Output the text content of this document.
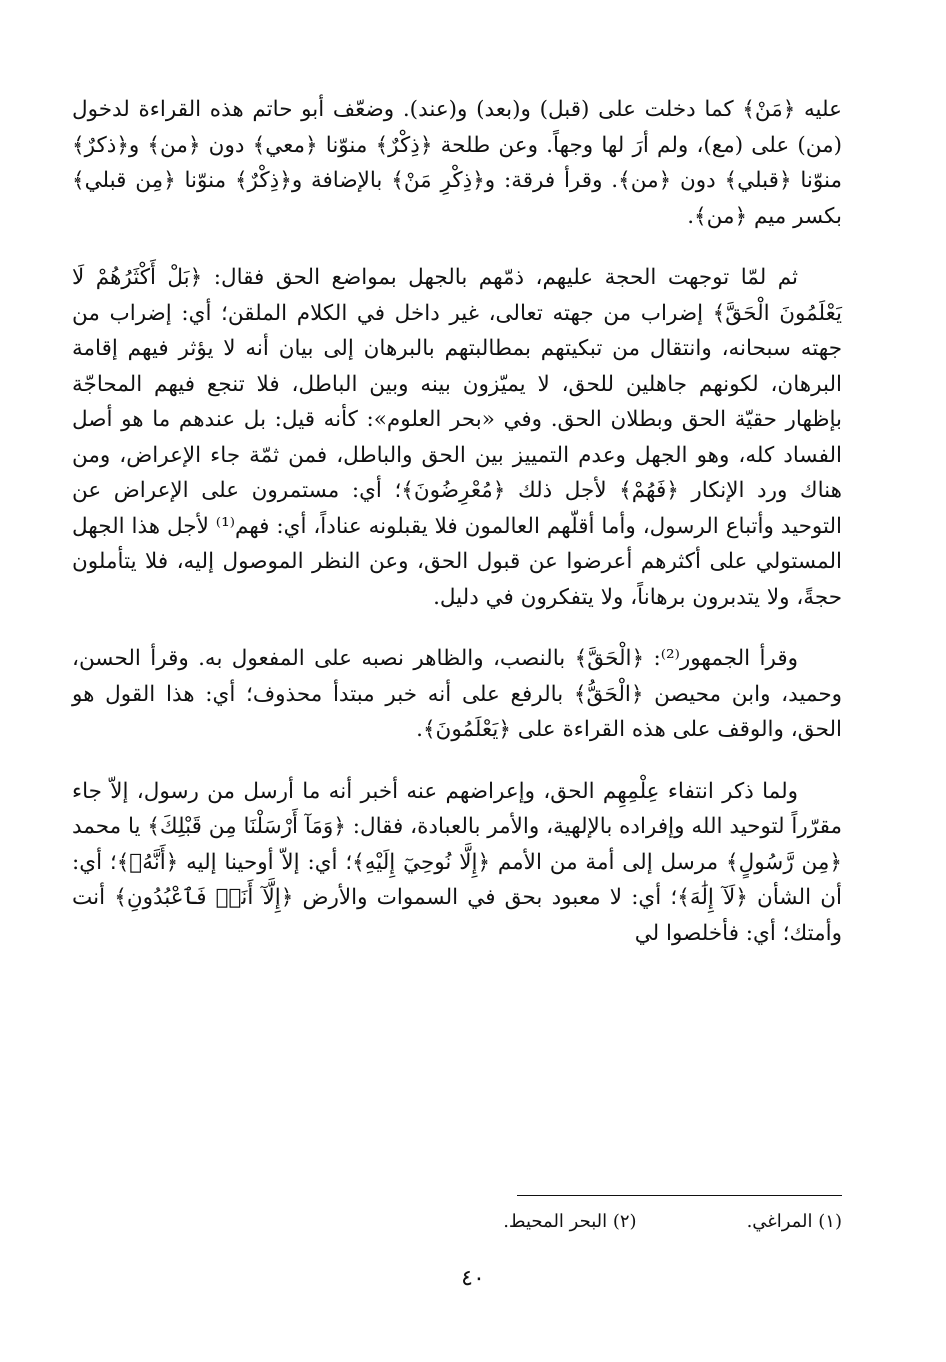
عليه ﴿مَنْ﴾ كما دخلت على (قبل) و(بعد) و(عند). وضعّف أبو حاتم هذه القراءة لدخول (من) على (مع)، ولم أرَ لها وجهاً. وعن طلحة ﴿ذِكْرٌ﴾ منوّنا ﴿معي﴾ دون ﴿من﴾ و﴿ذكرٌ﴾ منوّنا ﴿قبلي﴾ دون ﴿من﴾. وقرأ فرقة: و﴿ذِكْرِ مَنْ﴾ بالإضافة و﴿ذِكْرٌ﴾ منوّنا ﴿مِن قبلي﴾ بكسر ميم ﴿من﴾.

ثم لمّا توجهت الحجة عليهم، ذمّهم بالجهل بمواضع الحق فقال: ﴿بَلْ أَكْثَرُهُمْ لَا يَعْلَمُونَ الْحَقَّ﴾ إضراب من جهته تعالى، غير داخل في الكلام الملقن؛ أي: إضراب من جهته سبحانه، وانتقال من تبكيتهم بمطالبتهم بالبرهان إلى بيان أنه لا يؤثر فيهم إقامة البرهان، لكونهم جاهلين للحق، لا يميّزون بينه وبين الباطل، فلا تنجع فيهم المحاجّة بإظهار حقيّة الحق وبطلان الحق. وفي «بحر العلوم»: كأنه قيل: بل عندهم ما هو أصل الفساد كله، وهو الجهل وعدم التمييز بين الحق والباطل، فمن ثمّة جاء الإعراض، ومن هناك ورد الإنكار ﴿فَهُمْ﴾ لأجل ذلك ﴿مُعْرِضُونَ﴾؛ أي: مستمرون على الإعراض عن التوحيد وأتباع الرسول، وأما أقلّهم العالمون فلا يقبلونه عناداً، أي: فهم⁽¹⁾ لأجل هذا الجهل المستولي على أكثرهم أعرضوا عن قبول الحق، وعن النظر الموصول إليه، فلا يتأملون حجةً، ولا يتدبرون برهاناً، ولا يتفكرون في دليل.

وقرأ الجمهور⁽²⁾: ﴿الْحَقَّ﴾ بالنصب، والظاهر نصبه على المفعول به. وقرأ الحسن، وحميد، وابن محيصن ﴿الْحَقُّ﴾ بالرفع على أنه خبر مبتدأ محذوف؛ أي: هذا القول هو الحق، والوقف على هذه القراءة على ﴿يَعْلَمُونَ﴾.

ولما ذكر انتفاء عِلْمِهِم الحق، وإعراضهم عنه أخبر أنه ما أرسل من رسول، إلاّ جاء مقرّراً لتوحيد الله وإفراده بالإلهية، والأمر بالعبادة، فقال: ﴿وَمَآ أَرْسَلْنَا مِن قَبْلِكَ﴾ يا محمد ﴿مِن رَّسُولٍ﴾ مرسل إلى أمة من الأمم ﴿إِلَّا نُوحِيٓ إِلَيْهِ﴾؛ أي: إلاّ أوحينا إليه ﴿أَنَّهُۥ﴾؛ أي: أن الشأن ﴿لَآ إِلَٰهَ﴾؛ أي: لا معبود بحق في السموات والأرض ﴿إِلَّآ أَنَا۠ فَٱعْبُدُونِ﴾ أنت وأمتك؛ أي: فأخلصوا لي

(١) المراغي.
(٢) البحر المحيط.
٤٠
